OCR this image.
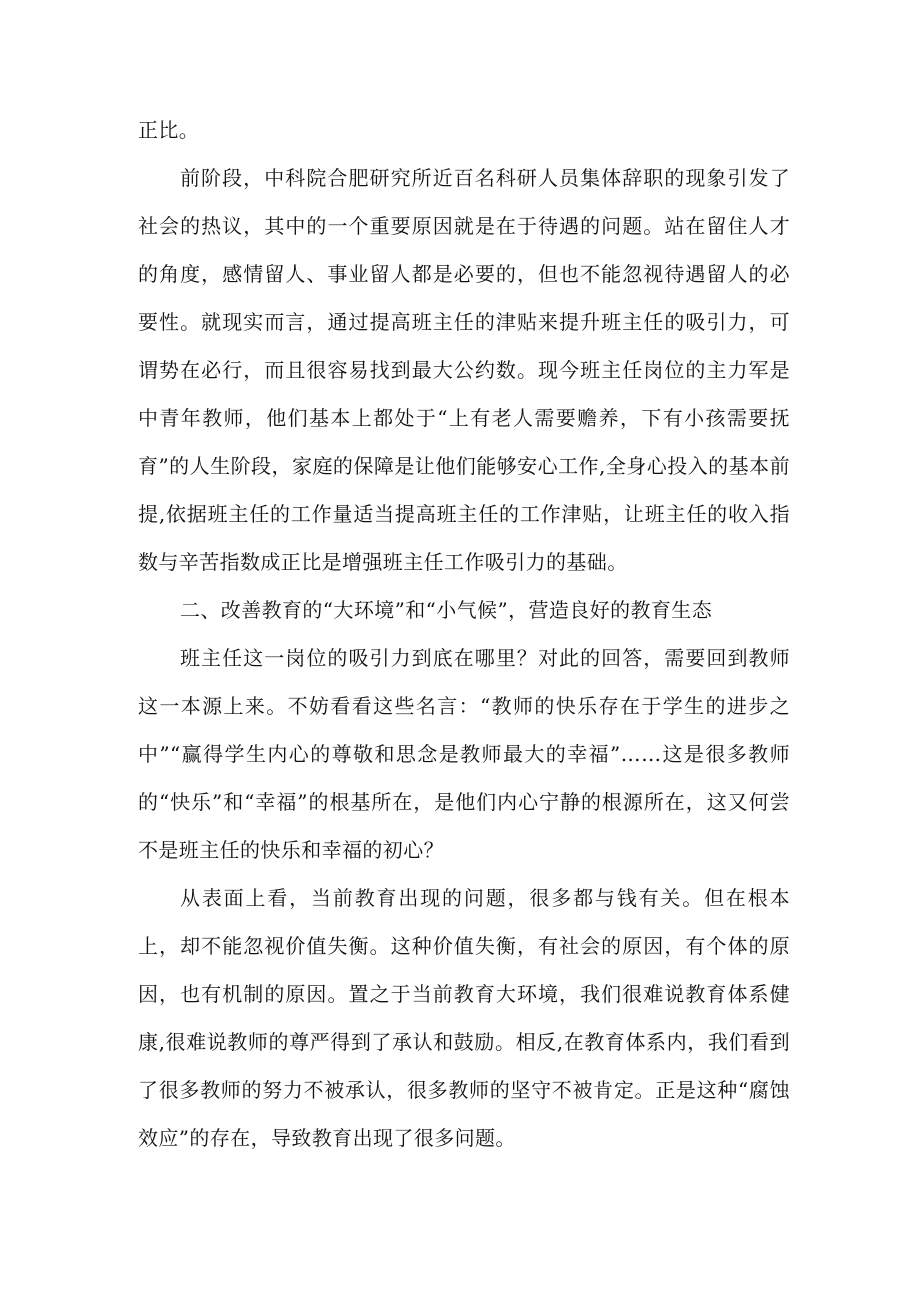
正比。

前阶段，中科院合肥研究所近百名科研人员集体辞职的现象引发了社会的热议，其中的一个重要原因就是在于待遇的问题。站在留住人才的角度，感情留人、事业留人都是必要的，但也不能忽视待遇留人的必要性。就现实而言，通过提高班主任的津贴来提升班主任的吸引力，可谓势在必行，而且很容易找到最大公约数。现今班主任岗位的主力军是中青年教师，他们基本上都处于“上有老人需要赡养，下有小孩需要抚育”的人生阶段，家庭的保障是让他们能够安心工作,全身心投入的基本前提,依据班主任的工作量适当提高班主任的工作津贴，让班主任的收入指数与辛苦指数成正比是增强班主任工作吸引力的基础。

二、改善教育的“大环境”和“小气候”，营造良好的教育生态

班主任这一岗位的吸引力到底在哪里？对此的回答，需要回到教师这一本源上来。不妨看看这些名言：“教师的快乐存在于学生的进步之中”“赢得学生内心的尊敬和思念是教师最大的幸福”……这是很多教师的“快乐”和“幸福”的根基所在，是他们内心宁静的根源所在，这又何尝不是班主任的快乐和幸福的初心？

从表面上看，当前教育出现的问题，很多都与钱有关。但在根本上，却不能忽视价值失衡。这种价值失衡，有社会的原因，有个体的原因，也有机制的原因。置之于当前教育大环境，我们很难说教育体系健康,很难说教师的尊严得到了承认和鼓励。相反,在教育体系内，我们看到了很多教师的努力不被承认，很多教师的坚守不被肯定。正是这种“腐蚀效应”的存在，导致教育出现了很多问题。
